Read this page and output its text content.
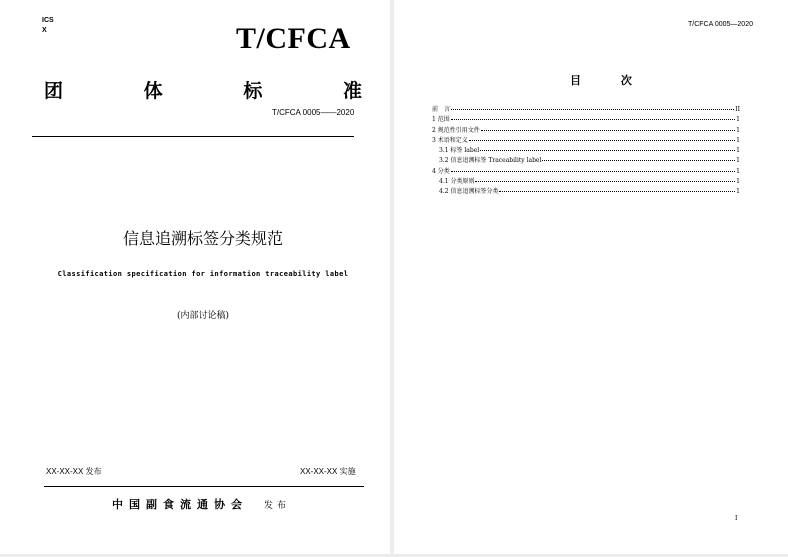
ICS
X	T/CFCA
团	体	标	准
T/CFCA 0005——2020
信息追溯标签分类规范
Classification specification for information traceability label
(内部讨论稿)
XX-XX-XX 发布	XX-XX-XX 实施
中国副食流通协会 发布
T/CFCA 0005—2020
目 次
前　言	II
1 范围	1
2 规范性引用文件	1
3 术语和定义	1
3.1 标签 label	1
3.2 信息追溯标签 Traceability label	1
4 分类	1
4.1 分类原则	1
4.2 信息追溯标签分类	1
I
